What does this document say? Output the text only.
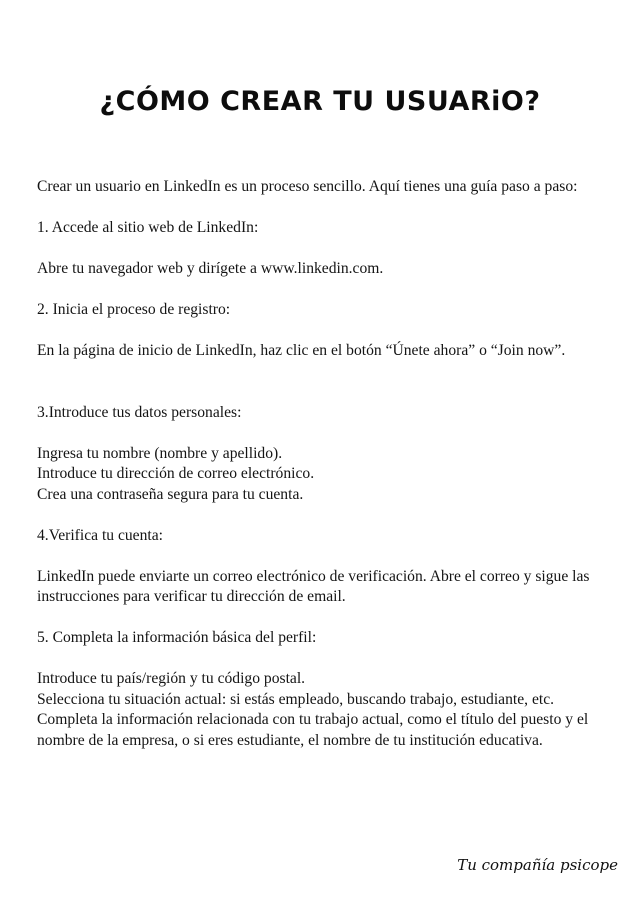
¿CÓMO CREAR TU USUARiO?

Crear un usuario en LinkedIn es un proceso sencillo. Aquí tienes una guía paso a paso:

1. Accede al sitio web de LinkedIn:

Abre tu navegador web y dirígete a www.linkedin.com.

2. Inicia el proceso de registro:

En la página de inicio de LinkedIn, haz clic en el botón “Únete ahora” o “Join now”.

3.Introduce tus datos personales:

Ingresa tu nombre (nombre y apellido).

Introduce tu dirección de correo electrónico.

Crea una contraseña segura para tu cuenta.

4.Verifica tu cuenta:

LinkedIn puede enviarte un correo electrónico de verificación. Abre el correo y sigue las instrucciones para verificar tu dirección de email.

5. Completa la información básica del perfil:

Introduce tu país/región y tu código postal.

Selecciona tu situación actual: si estás empleado, buscando trabajo, estudiante, etc.

Completa la información relacionada con tu trabajo actual, como el título del puesto y el nombre de la empresa, o si eres estudiante, el nombre de tu institución educativa.

Tu compañía psicope
